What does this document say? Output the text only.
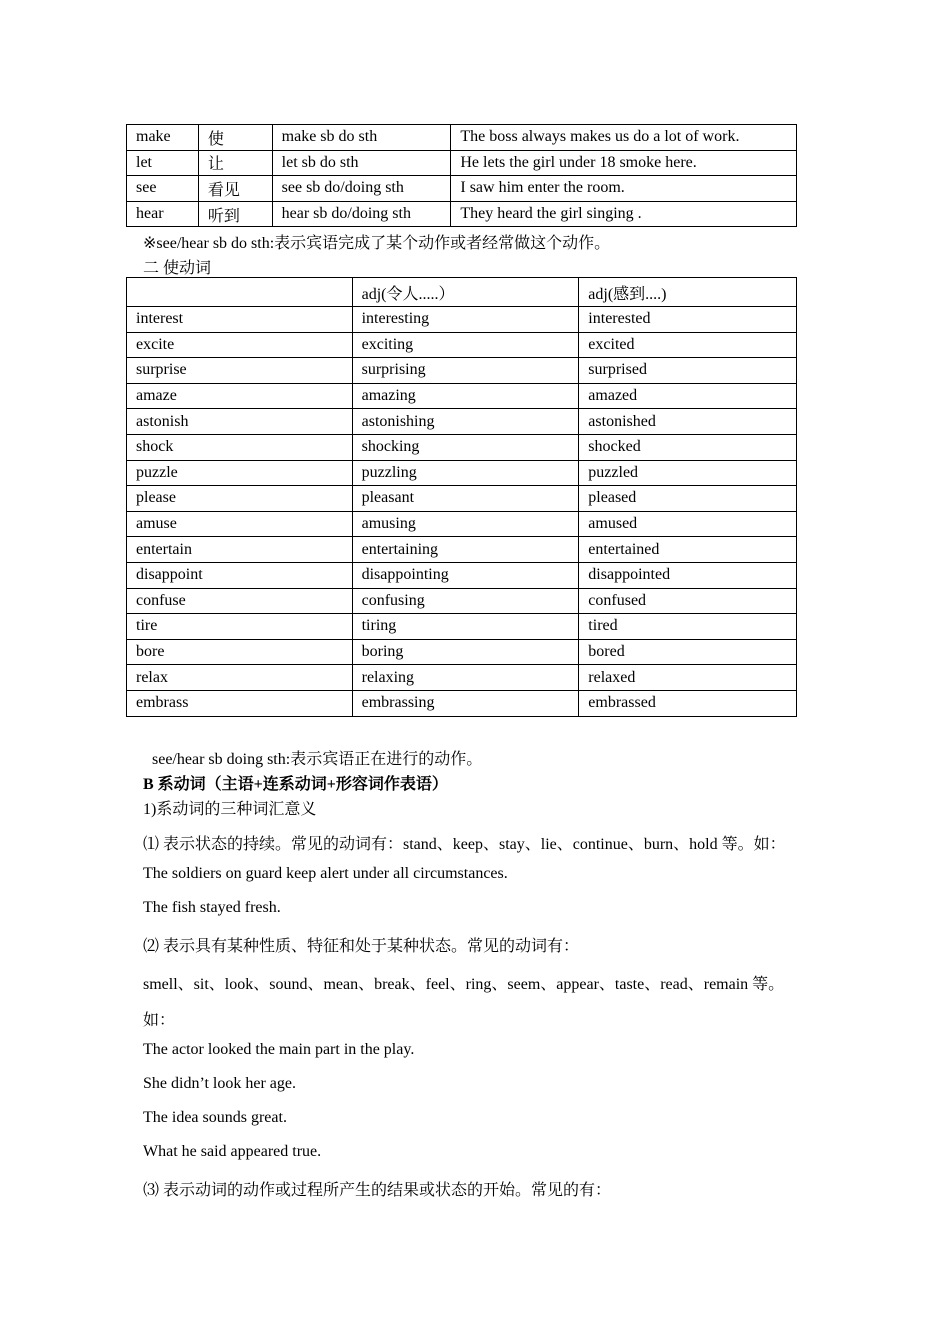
make	使	make sb do sth	The boss always makes us do a lot of work.
let	让	let sb do sth	He lets the girl under 18 smoke here.
see	看见	see sb do/doing sth	I saw him enter the room.
hear	听到	hear sb do/doing sth	They heard the girl singing .
※see/hear sb do sth:表示宾语完成了某个动作或者经常做这个动作。
二 使动词
	adj(令人.....）	adj(感到....)
interest	interesting	interested
excite	exciting	excited
surprise	surprising	surprised
amaze	amazing	amazed
astonish	astonishing	astonished
shock	shocking	shocked
puzzle	puzzling	puzzled
please	pleasant	pleased
amuse	amusing	amused
entertain	entertaining	entertained
disappoint	disappointing	disappointed
confuse	confusing	confused
tire	tiring	tired
bore	boring	bored
relax	relaxing	relaxed
embrass	embrassing	embrassed
see/hear sb doing sth:表示宾语正在进行的动作。
B 系动词（主语+连系动词+形容词作表语）
1)系动词的三种词汇意义
⑴ 表示状态的持续。常见的动词有：stand、keep、stay、lie、continue、burn、hold 等。如：
The soldiers on guard keep alert under all circumstances.
The fish stayed fresh.
⑵ 表示具有某种性质、特征和处于某种状态。常见的动词有：
smell、sit、look、sound、mean、break、feel、ring、seem、appear、taste、read、remain 等。
如：
The actor looked the main part in the play.
She didn’t look her age.
The idea sounds great.
What he said appeared true.
⑶ 表示动词的动作或过程所产生的结果或状态的开始。常见的有：
